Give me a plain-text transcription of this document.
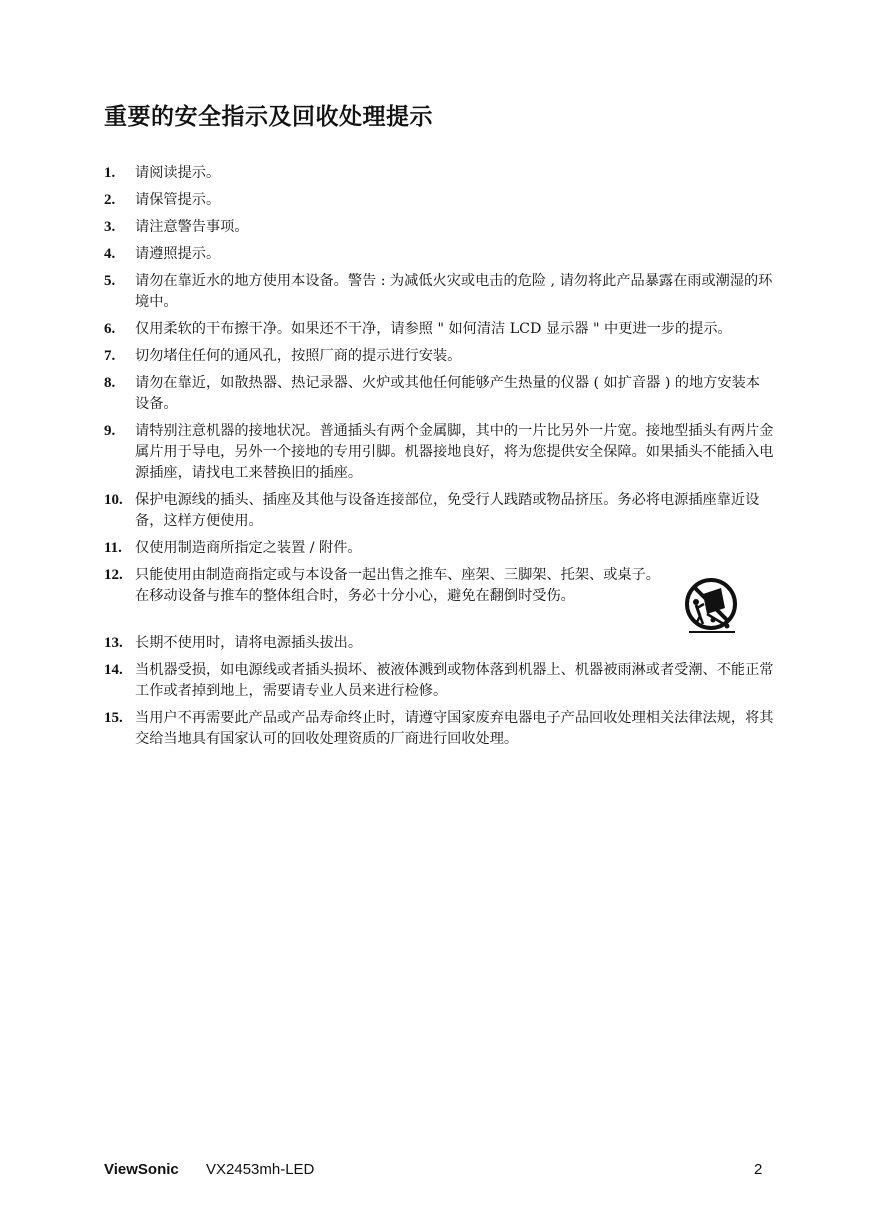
重要的安全指示及回收处理提示
1. 请阅读提示。
2. 请保管提示。
3. 请注意警告事项。
4. 请遵照提示。
5. 请勿在靠近水的地方使用本设备。警告 : 为减低火灾或电击的危险 , 请勿将此产品暴露在雨或潮湿的环境中。
6. 仅用柔软的干布擦干净。如果还不干净，请参照 " 如何清洁 LCD 显示器 " 中更进一步的提示。
7. 切勿堵住任何的通风孔，按照厂商的提示进行安装。
8. 请勿在靠近，如散热器、热记录器、火炉或其他任何能够产生热量的仪器 ( 如扩音器 ) 的地方安装本设备。
9. 请特别注意机器的接地状况。普通插头有两个金属脚，其中的一片比另外一片宽。接地型插头有两片金属片用于导电，另外一个接地的专用引脚。机器接地良好，将为您提供安全保障。如果插头不能插入电源插座，请找电工来替换旧的插座。
10. 保护电源线的插头、插座及其他与设备连接部位，免受行人践踏或物品挤压。务必将电源插座靠近设备，这样方便使用。
11. 仅使用制造商所指定之装置 / 附件。
12. 只能使用由制造商指定或与本设备一起出售之推车、座架、三脚架、托架、或桌子。在移动设备与推车的整体组合时，务必十分小心，避免在翻倒时受伤。
13. 长期不使用时，请将电源插头拔出。
14. 当机器受损，如电源线或者插头损坏、被液体溅到或物体落到机器上、机器被雨淋或者受潮、不能正常工作或者掉到地上，需要请专业人员来进行检修。
15. 当用户不再需要此产品或产品寿命终止时，请遵守国家废弃电器电子产品回收处理相关法律法规，将其交给当地具有国家认可的回收处理资质的厂商进行回收处理。
ViewSonic VX2453mh-LED	2
